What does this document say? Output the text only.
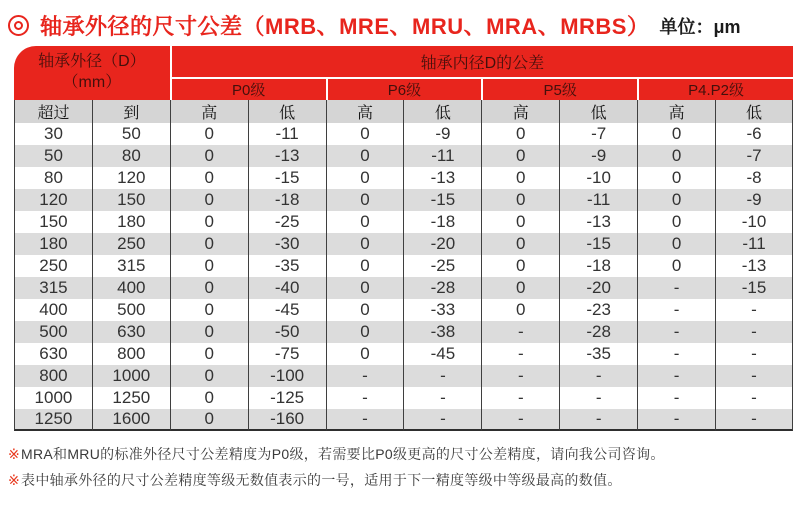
轴承外径的尺寸公差（MRB、MRE、MRU、MRA、MRBS） 单位：μm
轴承外径（D）
（mm）		轴承内径D的公差							
		P0级		P6级		P5级		P4.P2级	
超过	到	高	低	高	低	高	低	高	低
30	50	0	-11	0	-9	0	-7	0	-6
50	80	0	-13	0	-11	0	-9	0	-7
80	120	0	-15	0	-13	0	-10	0	-8
120	150	0	-18	0	-15	0	-11	0	-9
150	180	0	-25	0	-18	0	-13	0	-10
180	250	0	-30	0	-20	0	-15	0	-11
250	315	0	-35	0	-25	0	-18	0	-13
315	400	0	-40	0	-28	0	-20	-	-15
400	500	0	-45	0	-33	0	-23	-	-
500	630	0	-50	0	-38	-	-28	-	-
630	800	0	-75	0	-45	-	-35	-	-
800	1000	0	-100	-	-	-	-	-	-
1000	1250	0	-125	-	-	-	-	-	-
1250	1600	0	-160	-	-	-	-	-	-
※MRA和MRU的标准外径尺寸公差精度为P0级，若需要比P0级更高的尺寸公差精度，请向我公司咨询。
※表中轴承外径的尺寸公差精度等级无数值表示的一号，适用于下一精度等级中等级最高的数值。
